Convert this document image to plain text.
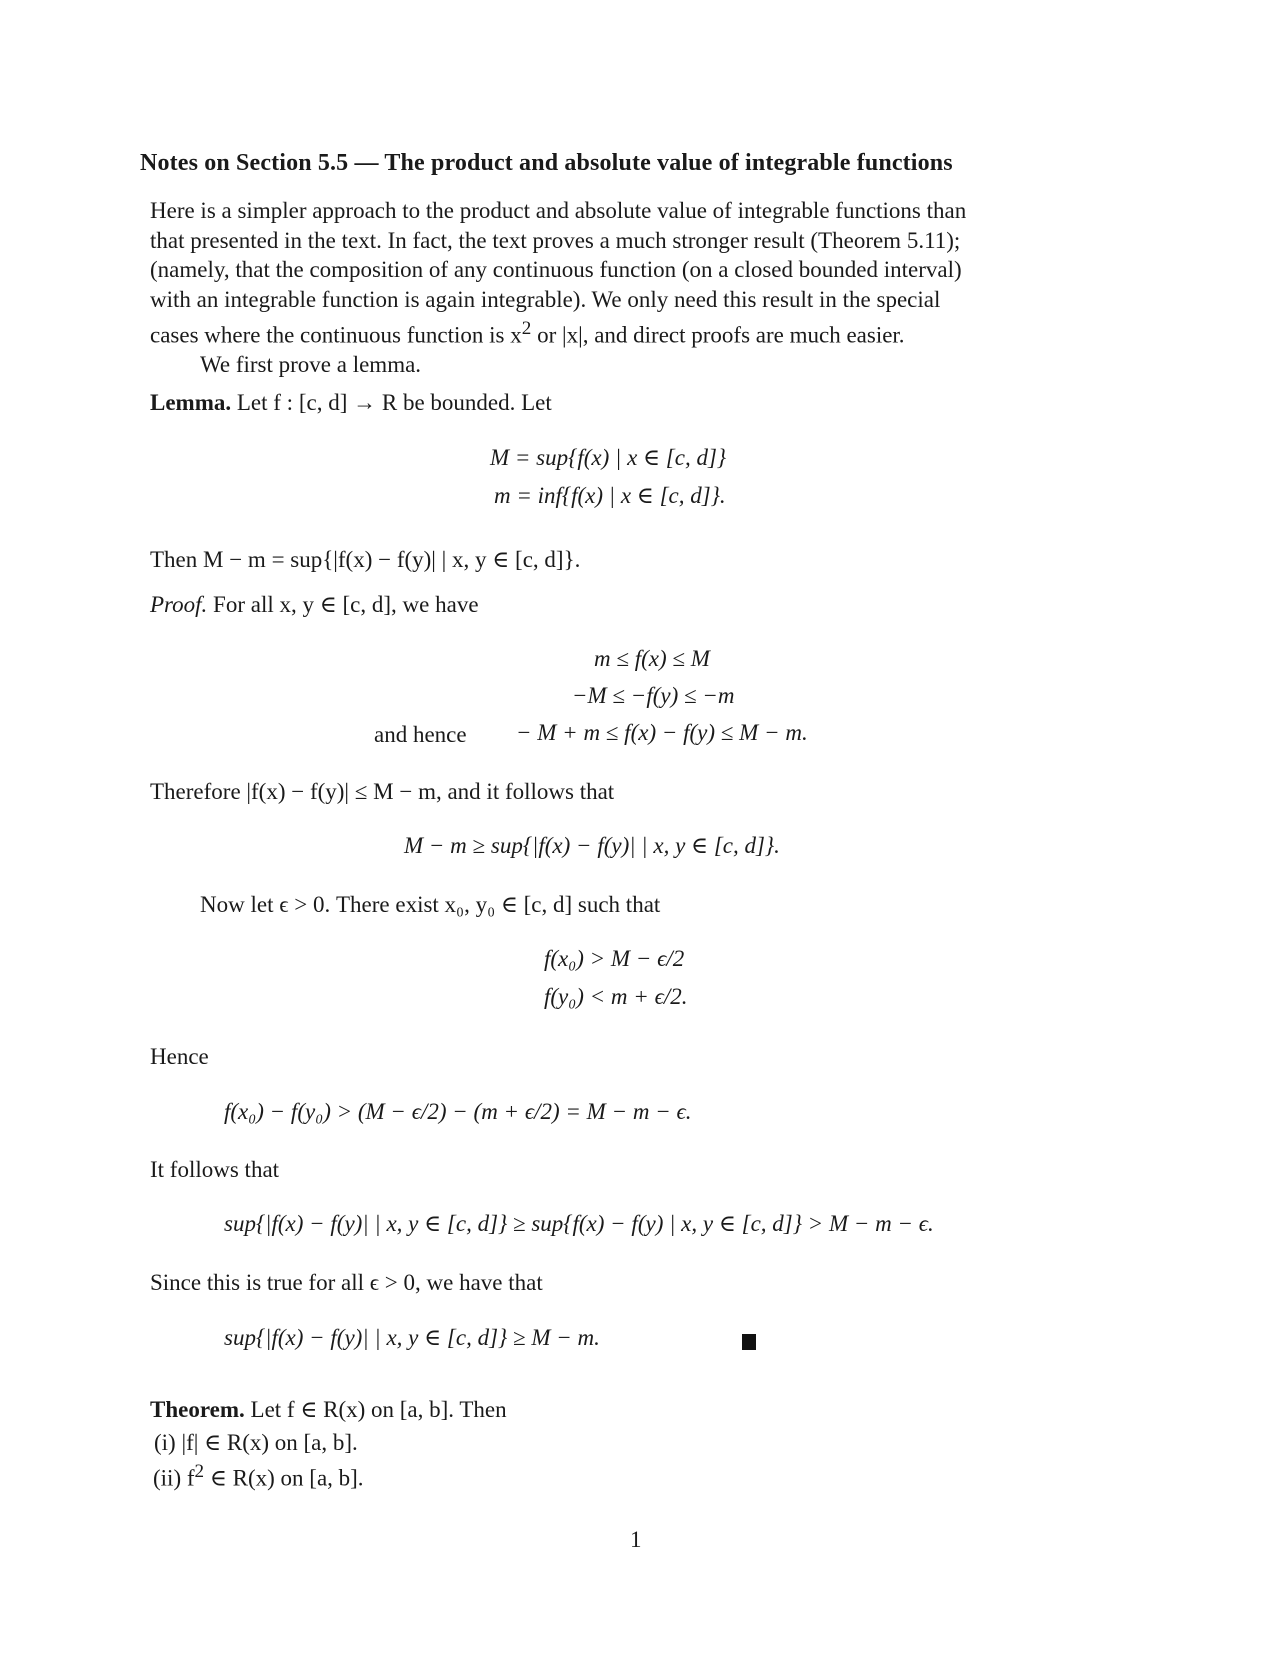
Notes on Section 5.5 — The product and absolute value of integrable functions

Here is a simpler approach to the product and absolute value of integrable functions than

that presented in the text. In fact, the text proves a much stronger result (Theorem 5.11);

(namely, that the composition of any continuous function (on a closed bounded interval)

with an integrable function is again integrable). We only need this result in the special

cases where the continuous function is $x^2$ or |x|, and direct proofs are much easier.

We first prove a lemma.

Lemma. Let f : [c, d] → R be bounded. Let
M = sup{f(x) | x ∈ [c, d]}
m = inf{f(x) | x ∈ [c, d]}.
Then M − m = sup{|f(x) − f(y)| | x, y ∈ [c, d]}.
Proof. For all x, y ∈ [c, d], we have
m ≤ f(x) ≤ M
−M ≤ −f(y) ≤ −m
and hence − M + m ≤ f(x) − f(y) ≤ M − m.
Therefore |f(x) − f(y)| ≤ M − m, and it follows that
M − m ≥ sup{|f(x) − f(y)| | x, y ∈ [c, d]}.
Now let ϵ > 0. There exist x₀, y₀ ∈ [c, d] such that
f(x₀) > M − ϵ/2
f(y₀) < m + ϵ/2.
Hence
f(x₀) − f(y₀) > (M − ϵ/2) − (m + ϵ/2) = M − m − ϵ.
It follows that
sup{|f(x) − f(y)| | x, y ∈ [c, d]} ≥ sup{f(x) − f(y) | x, y ∈ [c, d]} > M − m − ϵ.
Since this is true for all ϵ > 0, we have that
sup{|f(x) − f(y)| | x, y ∈ [c, d]} ≥ M − m.
Theorem. Let f ∈ R(x) on [a, b]. Then
(i) |f| ∈ R(x) on [a, b].
(ii) $f^2$ ∈ R(x) on [a, b].
1
